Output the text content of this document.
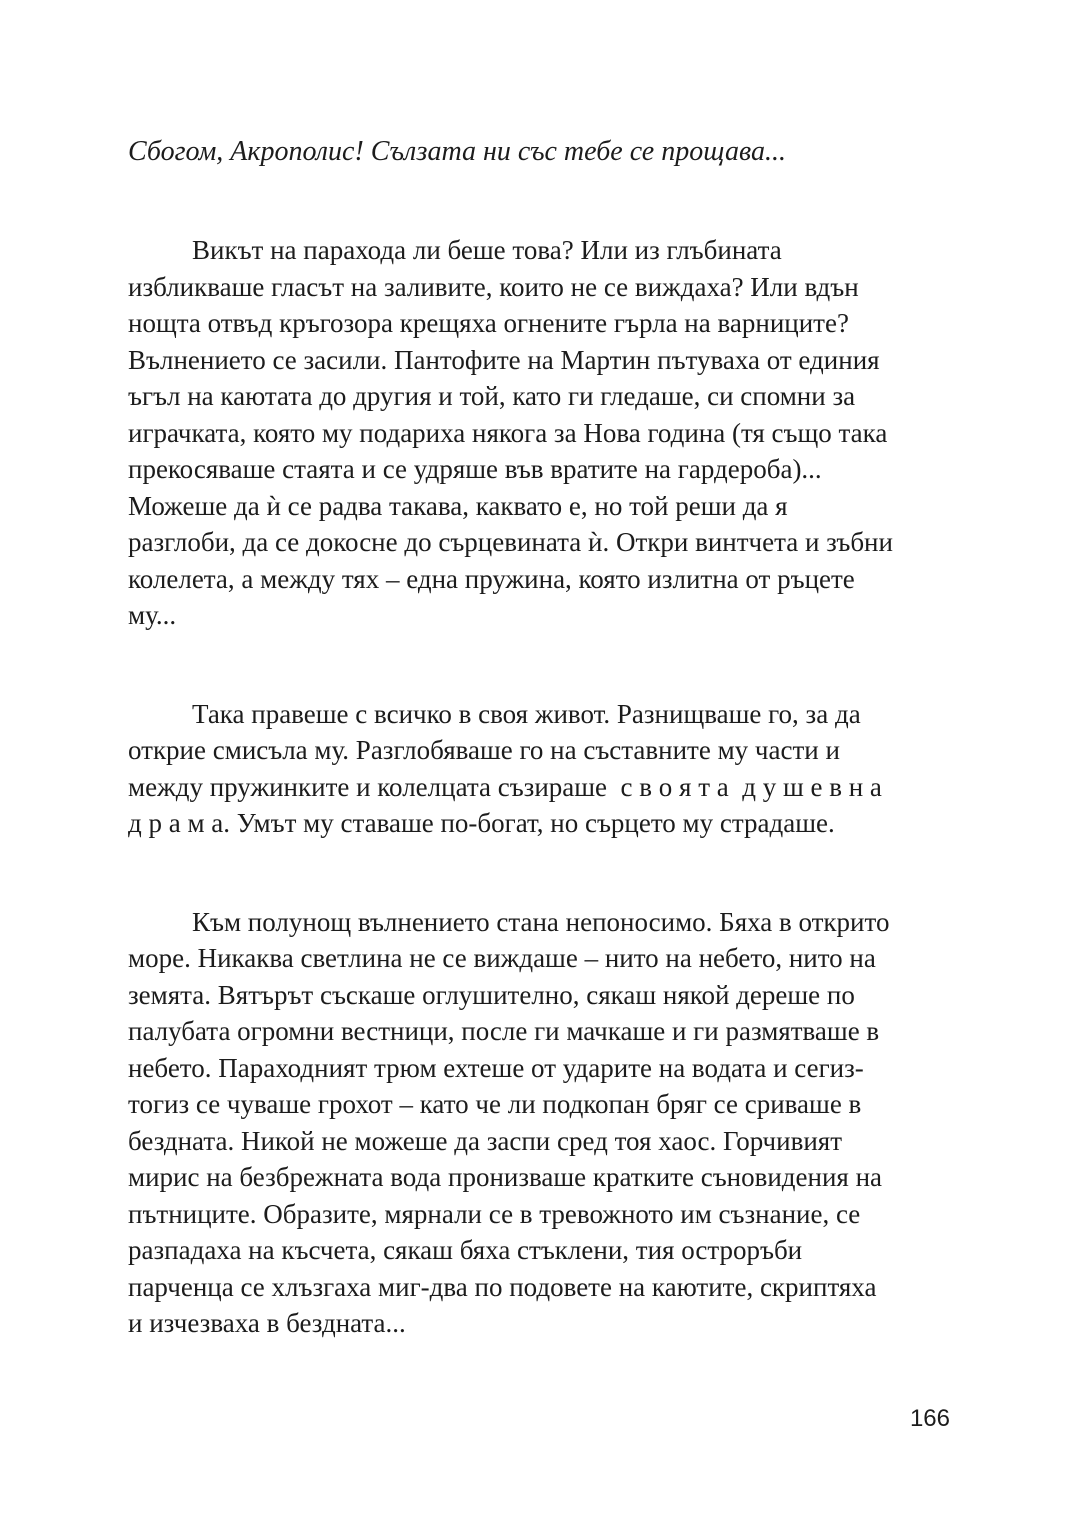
Сбогом, Акрополис! Сълзата ни със тебе се прощава...
Викът на парахода ли беше това? Или из глъбината
избликваше гласът на заливите, които не се виждаха? Или вдън
нощта отвъд кръгозора крещяха огнените гърла на варниците?
Вълнението се засили. Пантофите на Мартин пътуваха от единия
ъгъл на каютата до другия и той, като ги гледаше, си спомни за
играчката, която му подариха някога за Нова година (тя също така
прекосяваше стаята и се удряше във вратите на гардероба)...
Можеше да ѝ се радва такава, каквато е, но той реши да я
разглоби, да се докосне до сърцевината ѝ. Откри винтчета и зъбни
колелета, а между тях – една пружина, която излитна от ръцете
му...
Така правеше с всичко в своя живот. Разнищваше го, за да
открие смисъла му. Разглобяваше го на съставните му части и
между пружинките и колелцата съзираше  с в о я т а  д у ш е в н а
д р а м а. Умът му ставаше по-богат, но сърцето му страдаше.
Към полунощ вълнението стана непоносимо. Бяха в открито
море. Никаква светлина не се виждаше – нито на небето, нито на
земята. Вятърът съскаше оглушително, сякаш някой дереше по
палубата огромни вестници, после ги мачкаше и ги размятваше в
небето. Параходният трюм ехтеше от ударите на водата и сегиз-
тогиз се чуваше грохот – като че ли подкопан бряг се сриваше в
бездната. Никой не можеше да заспи сред тоя хаос. Горчивият
мирис на безбрежната вода пронизваше кратките съновидения на
пътниците. Образите, мярнали се в тревожното им съзнание, се
разпадаха на късчета, сякаш бяха стъклени, тия остроръби
парченца се хлъзгаха миг-два по подовете на каютите, скриптяха
и изчезваха в бездната...
166
